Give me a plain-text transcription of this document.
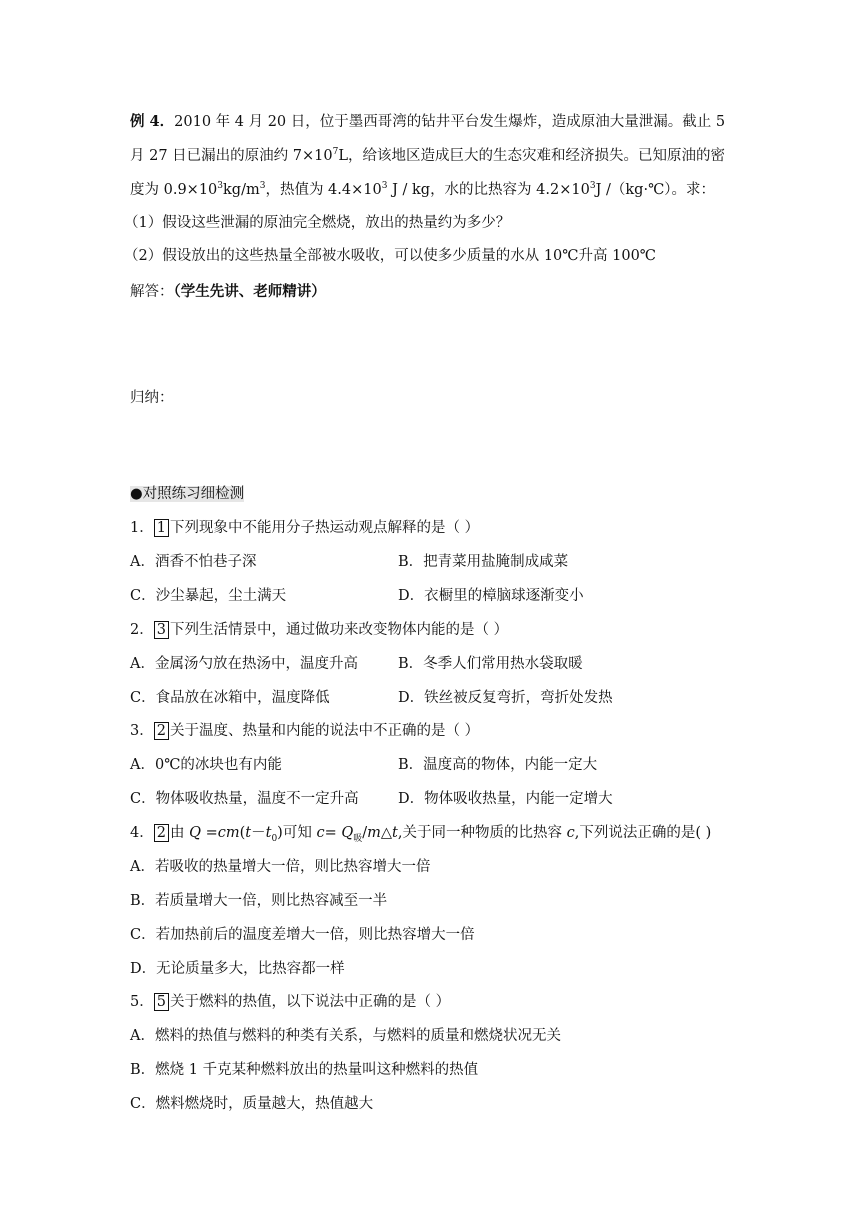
例 4．2010 年 4 月 20 日，位于墨西哥湾的钻井平台发生爆炸，造成原油大量泄漏。截止 5
月 27 日已漏出的原油约 $7\times 10^7L$，给该地区造成巨大的生态灾难和经济损失。已知原油的密
度为 $0.9\times 10^3kg/m^3$，热值为 $4.4\times 10^3$ J / kg，水的比热容为 $4.2\times 10^3J$ /（kg·℃）。求：
（1）假设这些泄漏的原油完全燃烧，放出的热量约为多少？
（2）假设放出的这些热量全部被水吸收，可以使多少质量的水从 10℃升高 100℃
解答：（学生先讲、老师精讲）
归纳：
●对照练习细检测
1． 1 下列现象中不能用分子热运动观点解释的是（ ）
A．酒香不怕巷子深	B．把青菜用盐腌制成咸菜
C．沙尘暴起，尘土满天	D．衣橱里的樟脑球逐渐变小
2． 3 下列生活情景中，通过做功来改变物体内能的是（ ）
A．金属汤勺放在热汤中，温度升高	B．冬季人们常用热水袋取暖
C．食品放在冰箱中，温度降低	D．铁丝被反复弯折，弯折处发热
3． 2 关于温度、热量和内能的说法中不正确的是（ ）
A．0℃的冰块也有内能	B．温度高的物体，内能一定大
C．物体吸收热量，温度不一定升高	D．物体吸收热量，内能一定增大
4． 2 由 $Q =cm(t-t_0)$可知 $c= Q_吸/m\triangle t$,关于同一种物质的比热容 c,下列说法正确的是( )
A．若吸收的热量增大一倍，则比热容增大一倍
B．若质量增大一倍，则比热容减至一半
C．若加热前后的温度差增大一倍，则比热容增大一倍
D．无论质量多大，比热容都一样
5． 5 关于燃料的热值，以下说法中正确的是（ ）
A．燃料的热值与燃料的种类有关系，与燃料的质量和燃烧状况无关
B．燃烧 1 千克某种燃料放出的热量叫这种燃料的热值
C．燃料燃烧时，质量越大，热值越大
